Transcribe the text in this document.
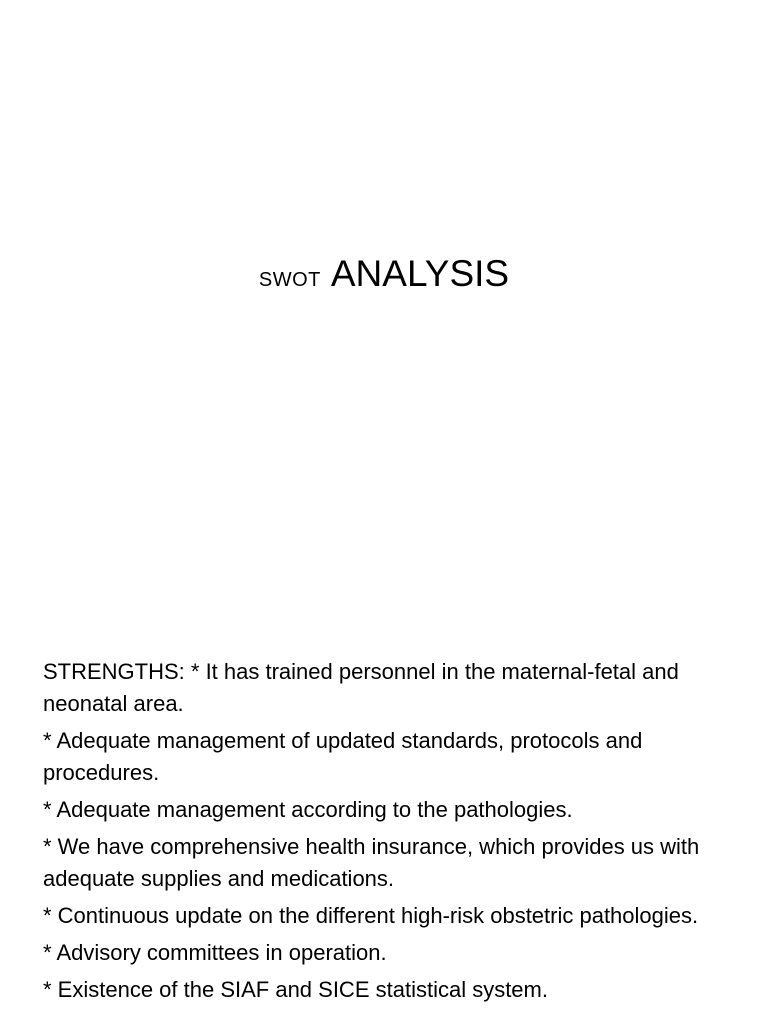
SWOT ANALYSIS

STRENGTHS: * It has trained personnel in the maternal-fetal and neonatal area.

* Adequate management of updated standards, protocols and procedures.

* Adequate management according to the pathologies.

* We have comprehensive health insurance, which provides us with adequate supplies and medications.

* Continuous update on the different high-risk obstetric pathologies.

* Advisory committees in operation.

* Existence of the SIAF and SICE statistical system.
